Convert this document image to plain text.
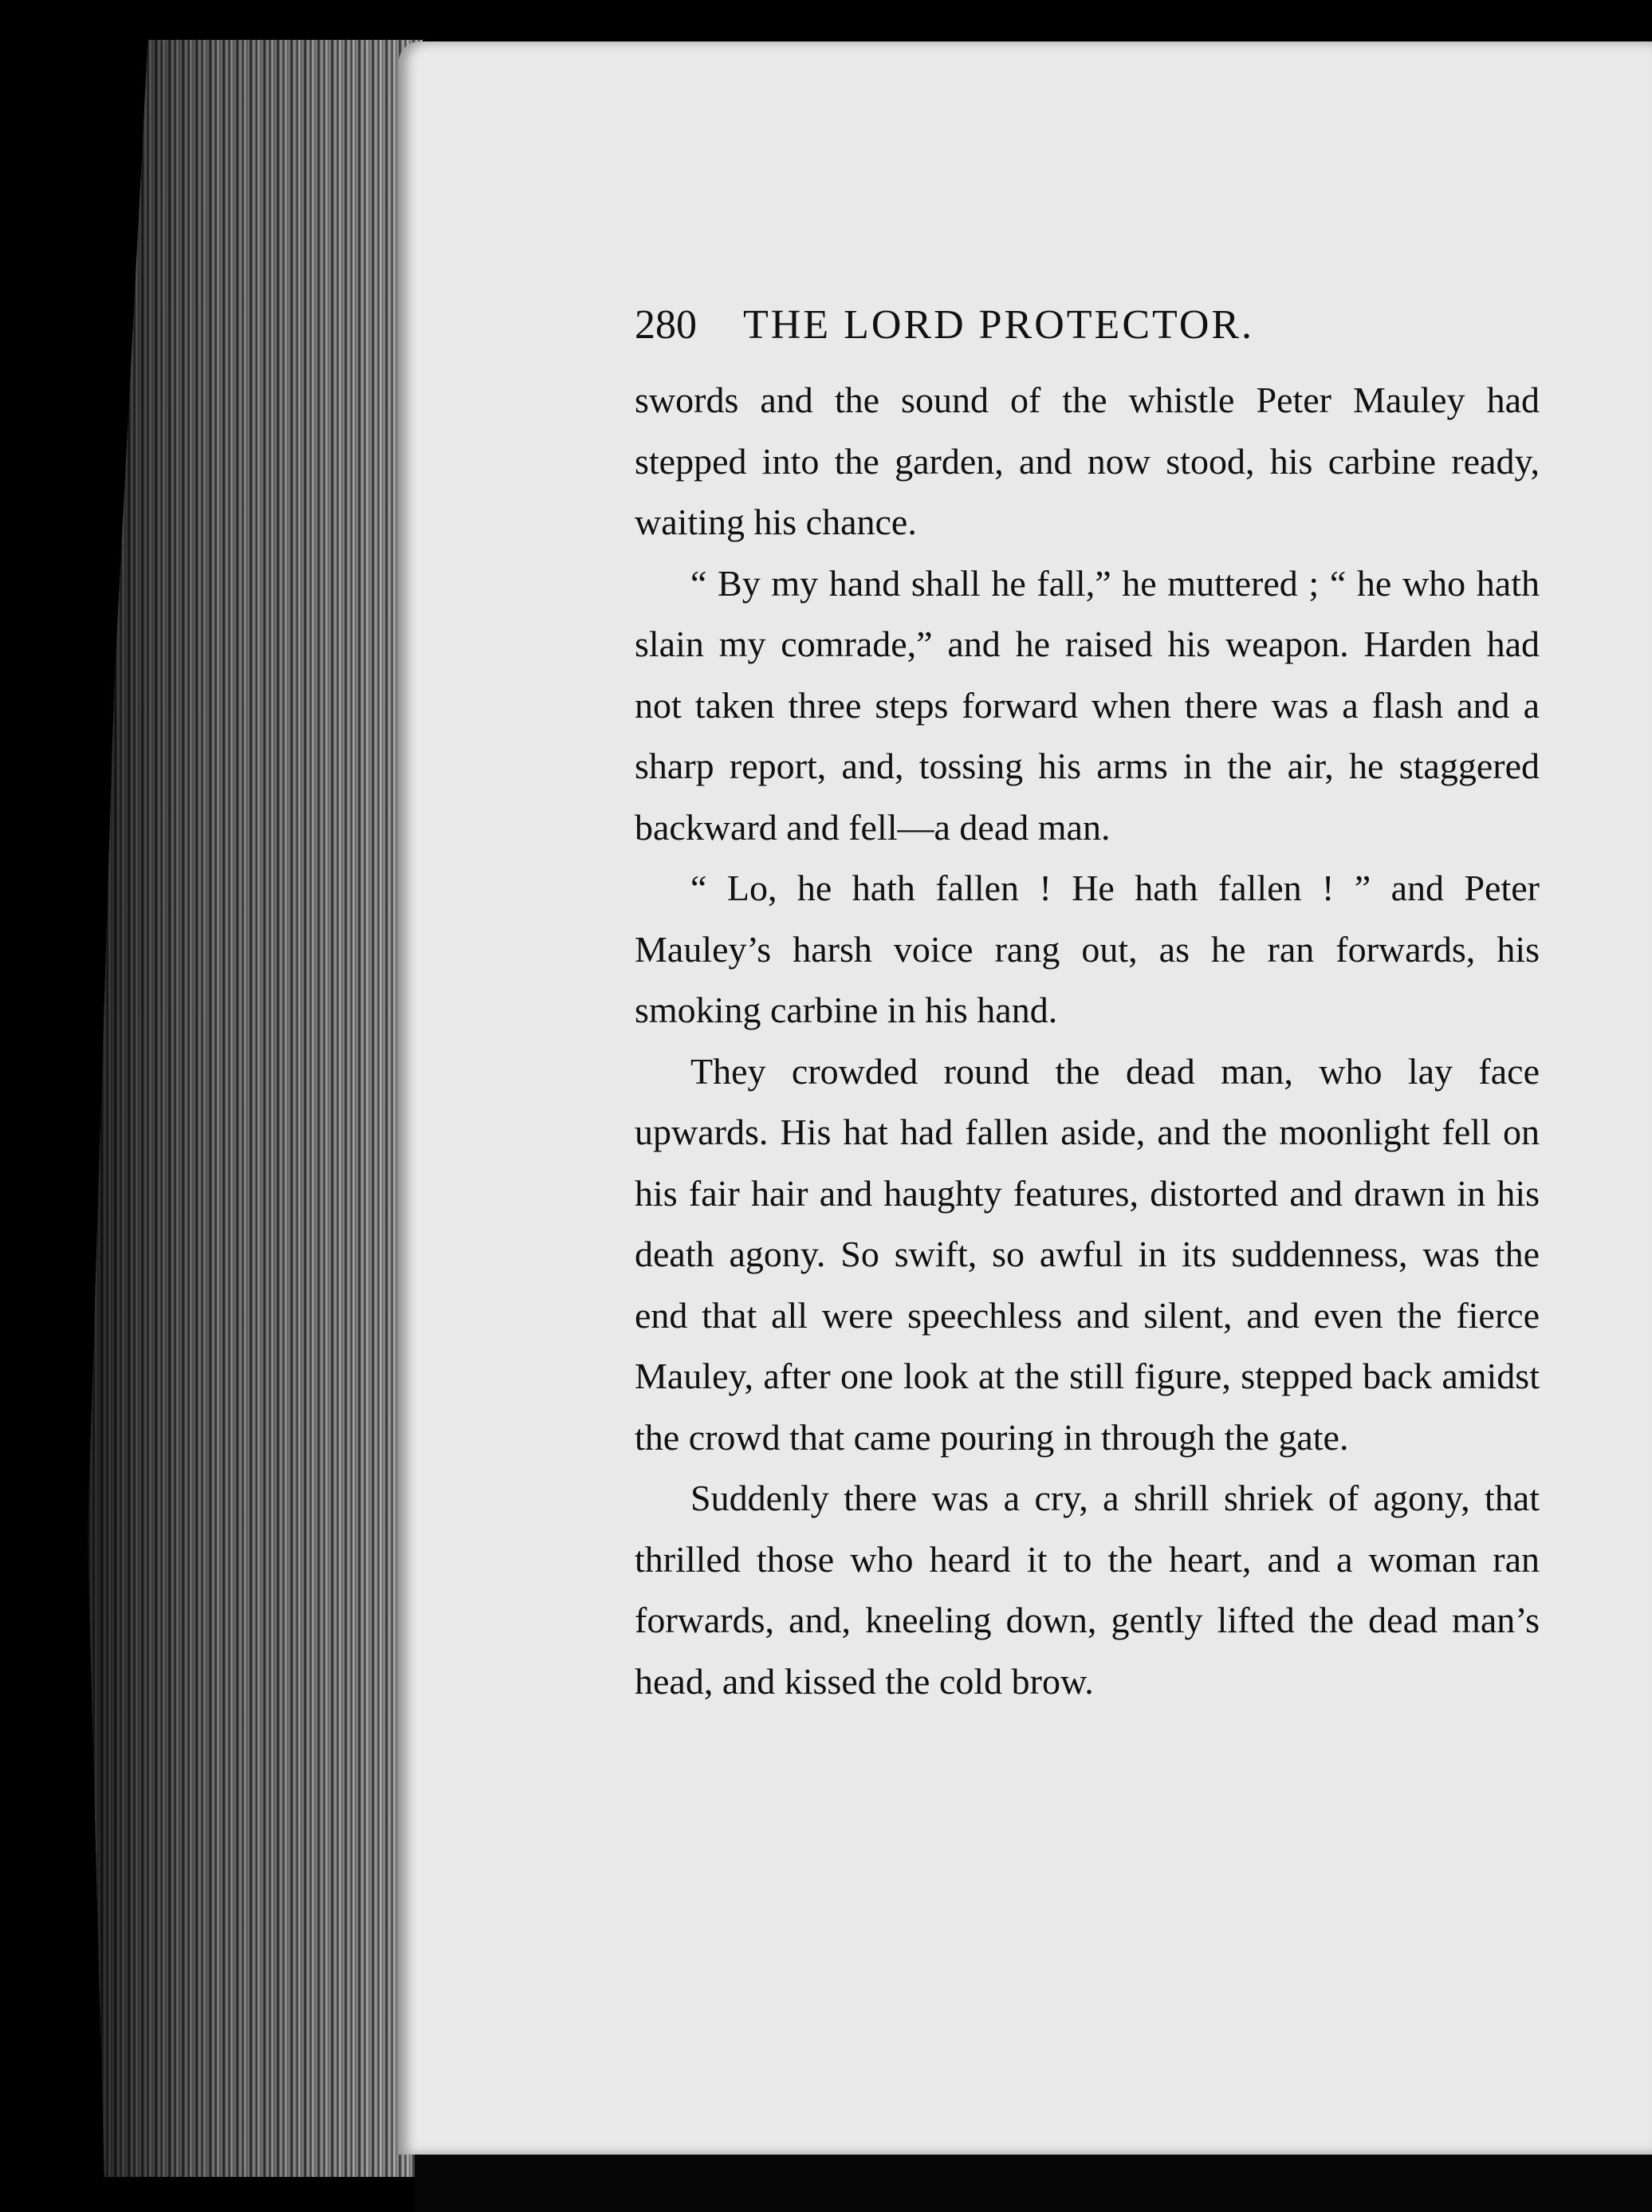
280 THE LORD PROTECTOR.

swords and the sound of the whistle Peter Mauley had stepped into the garden, and now stood, his carbine ready, waiting his chance.

“ By my hand shall he fall,” he muttered ; “ he who hath slain my comrade,” and he raised his weapon. Harden had not taken three steps forward when there was a flash and a sharp report, and, tossing his arms in the air, he staggered backward and fell—a dead man.

“ Lo, he hath fallen ! He hath fallen ! ” and Peter Mauley’s harsh voice rang out, as he ran forwards, his smoking carbine in his hand.

They crowded round the dead man, who lay face upwards. His hat had fallen aside, and the moonlight fell on his fair hair and haughty features, distorted and drawn in his death agony. So swift, so awful in its suddenness, was the end that all were speechless and silent, and even the fierce Mauley, after one look at the still figure, stepped back amidst the crowd that came pouring in through the gate.

Suddenly there was a cry, a shrill shriek of agony, that thrilled those who heard it to the heart, and a woman ran forwards, and, kneeling down, gently lifted the dead man’s head, and kissed the cold brow.
